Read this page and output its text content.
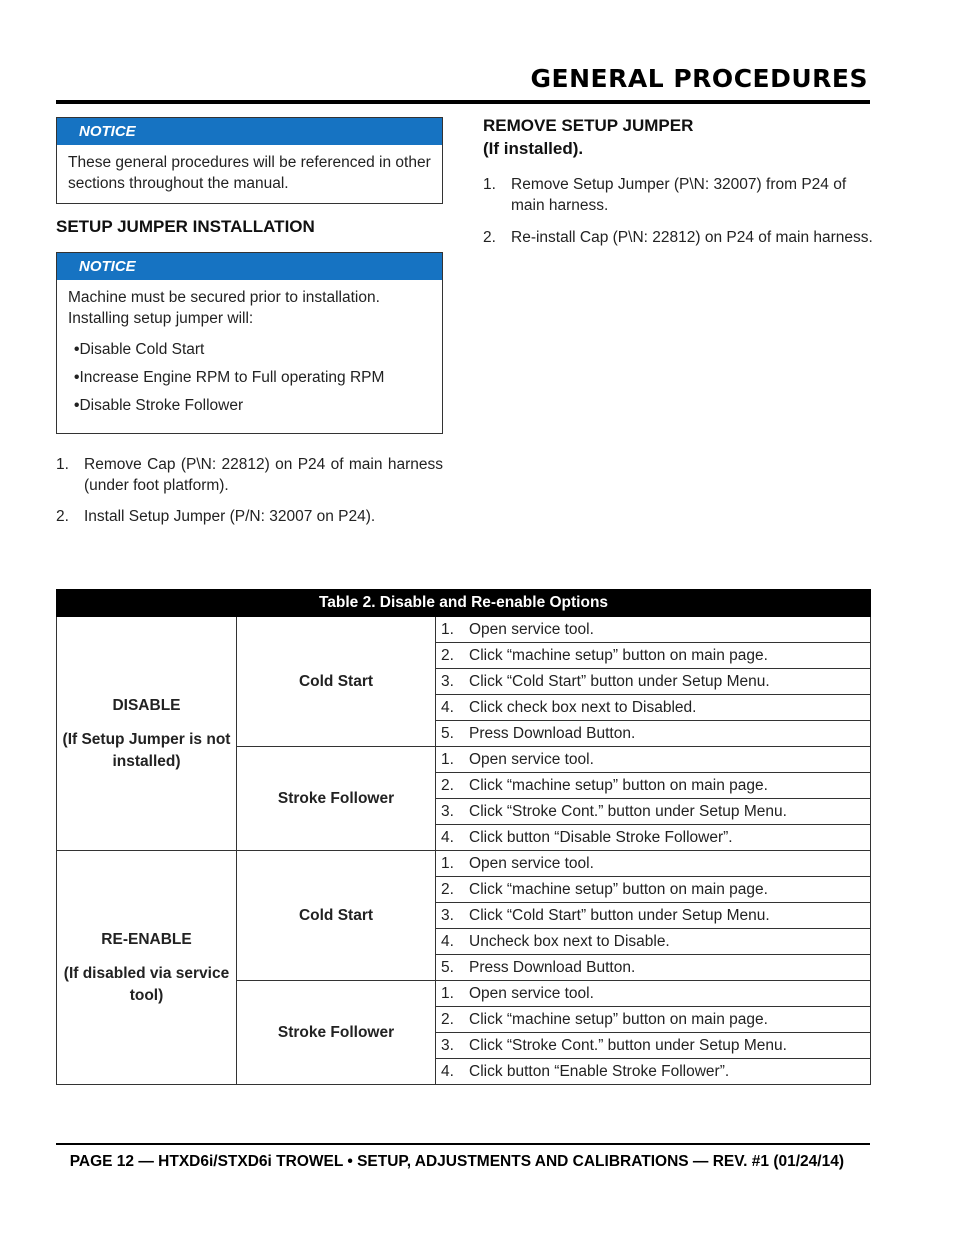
GENERAL PROCEDURES
NOTICE

These general procedures will be referenced in other sections throughout the manual.

SETUP JUMPER INSTALLATION
NOTICE

Machine must be secured prior to installation. Installing setup jumper will:

• Disable Cold Start
• Increase Engine RPM to Full operating RPM
• Disable Stroke Follower
1. Remove Cap (P\N: 22812) on P24 of main harness (under foot platform).
2. Install Setup Jumper (P/N: 32007 on P24).
REMOVE SETUP JUMPER
(If installed).
1. Remove Setup Jumper (P\N: 32007) from P24 of main harness.
2. Re-install Cap (P\N: 22812) on P24 of main harness.
Table 2. Disable and Re-enable Options		

DISABLE
(If Setup Jumper is not installed)	Cold Start	1. Open service tool.
		2. Click “machine setup” button on main page.
		3. Click “Cold Start” button under Setup Menu.
		4. Click check box next to Disabled.
		5. Press Download Button.
	Stroke Follower	1. Open service tool.
		2. Click “machine setup” button on main page.
		3. Click “Stroke Cont.” button under Setup Menu.
		4. Click button “Disable Stroke Follower”.

RE-ENABLE
(If disabled via service tool)	Cold Start	1. Open service tool.
		2. Click “machine setup” button on main page.
		3. Click “Cold Start” button under Setup Menu.
		4. Uncheck box next to Disable.
		5. Press Download Button.
	Stroke Follower	1. Open service tool.
		2. Click “machine setup” button on main page.
		3. Click “Stroke Cont.” button under Setup Menu.
		4. Click button “Enable Stroke Follower”.
PAGE 12 — HTXD6i/STXD6i TROWEL • SETUP, ADJUSTMENTS AND CALIBRATIONS — REV. #1 (01/24/14)
